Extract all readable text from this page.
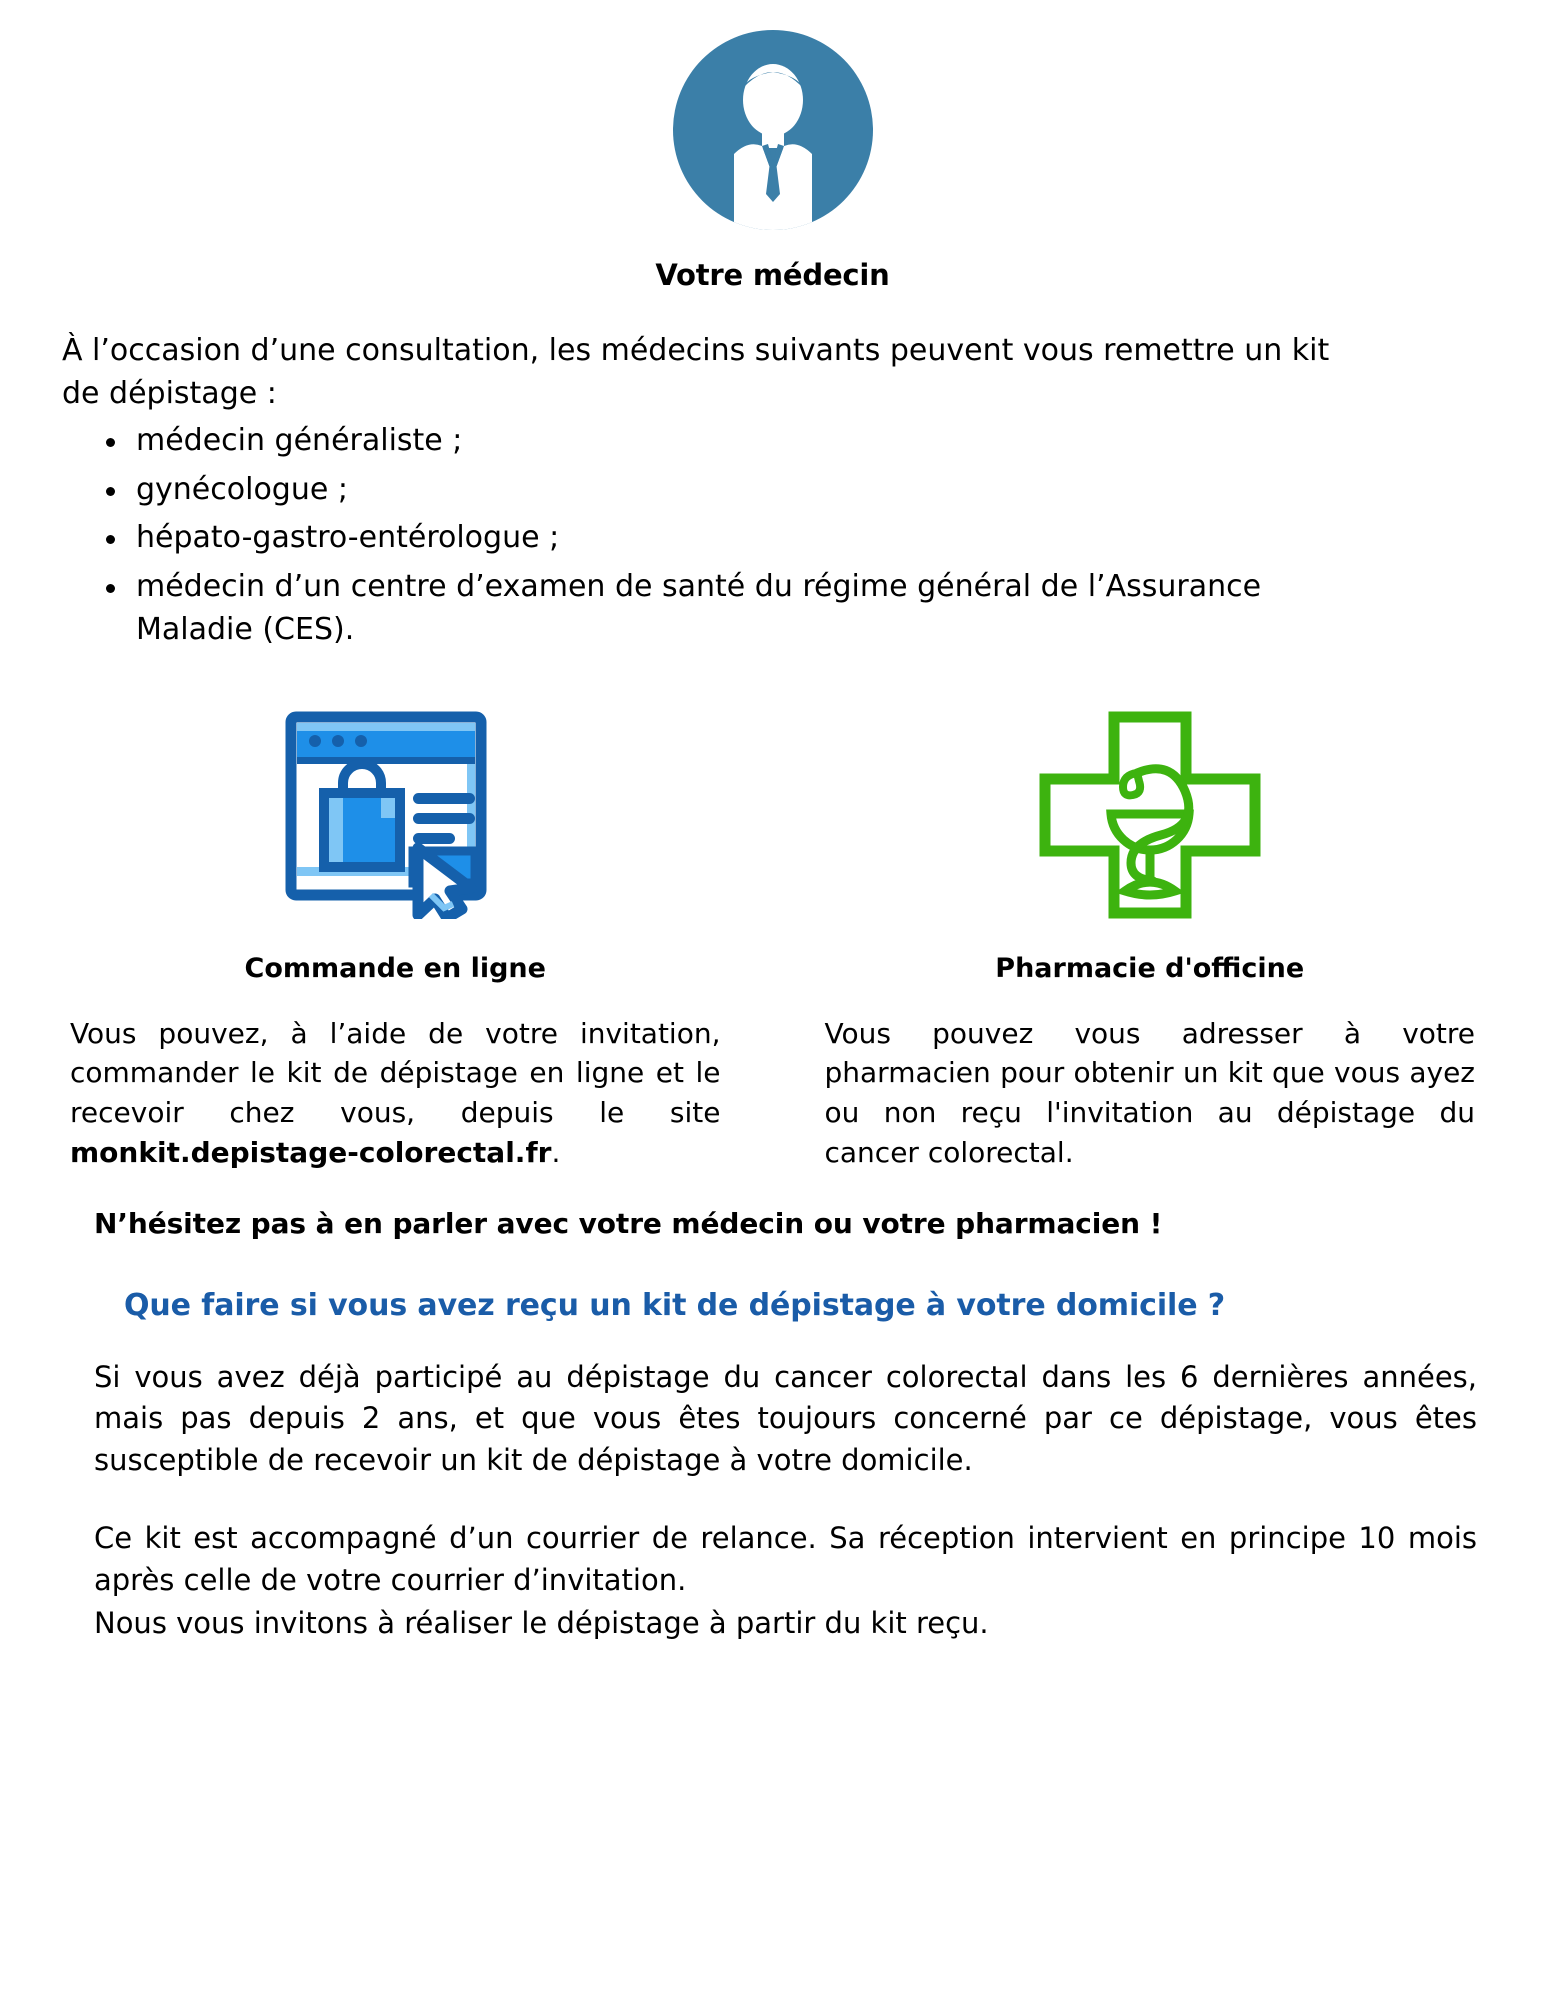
Votre médecin

À l’occasion d’une consultation, les médecins suivants peuvent vous remettre un kit
de dépistage :

médecin généraliste ;
gynécologue ;
hépato-gastro-entérologue ;
médecin d’un centre d’examen de santé du régime général de l’Assurance
Maladie (CES).
Commande en ligne

Vous pouvez, à l’aide de votre invitation, commander le kit de dépistage en ligne et le recevoir chez vous, depuis le site monkit.depistage-colorectal.fr.

Pharmacie d'officine

Vous pouvez vous adresser à votre pharmacien pour obtenir un kit que vous ayez ou non reçu l'invitation au dépistage du cancer colorectal.

N’hésitez pas à en parler avec votre médecin ou votre pharmacien !

Que faire si vous avez reçu un kit de dépistage à votre domicile ?

Si vous avez déjà participé au dépistage du cancer colorectal dans les 6 dernières années, mais pas depuis 2 ans, et que vous êtes toujours concerné par ce dépistage, vous êtes susceptible de recevoir un kit de dépistage à votre domicile.

Ce kit est accompagné d’un courrier de relance. Sa réception intervient en principe 10 mois après celle de votre courrier d’invitation.

Nous vous invitons à réaliser le dépistage à partir du kit reçu.
